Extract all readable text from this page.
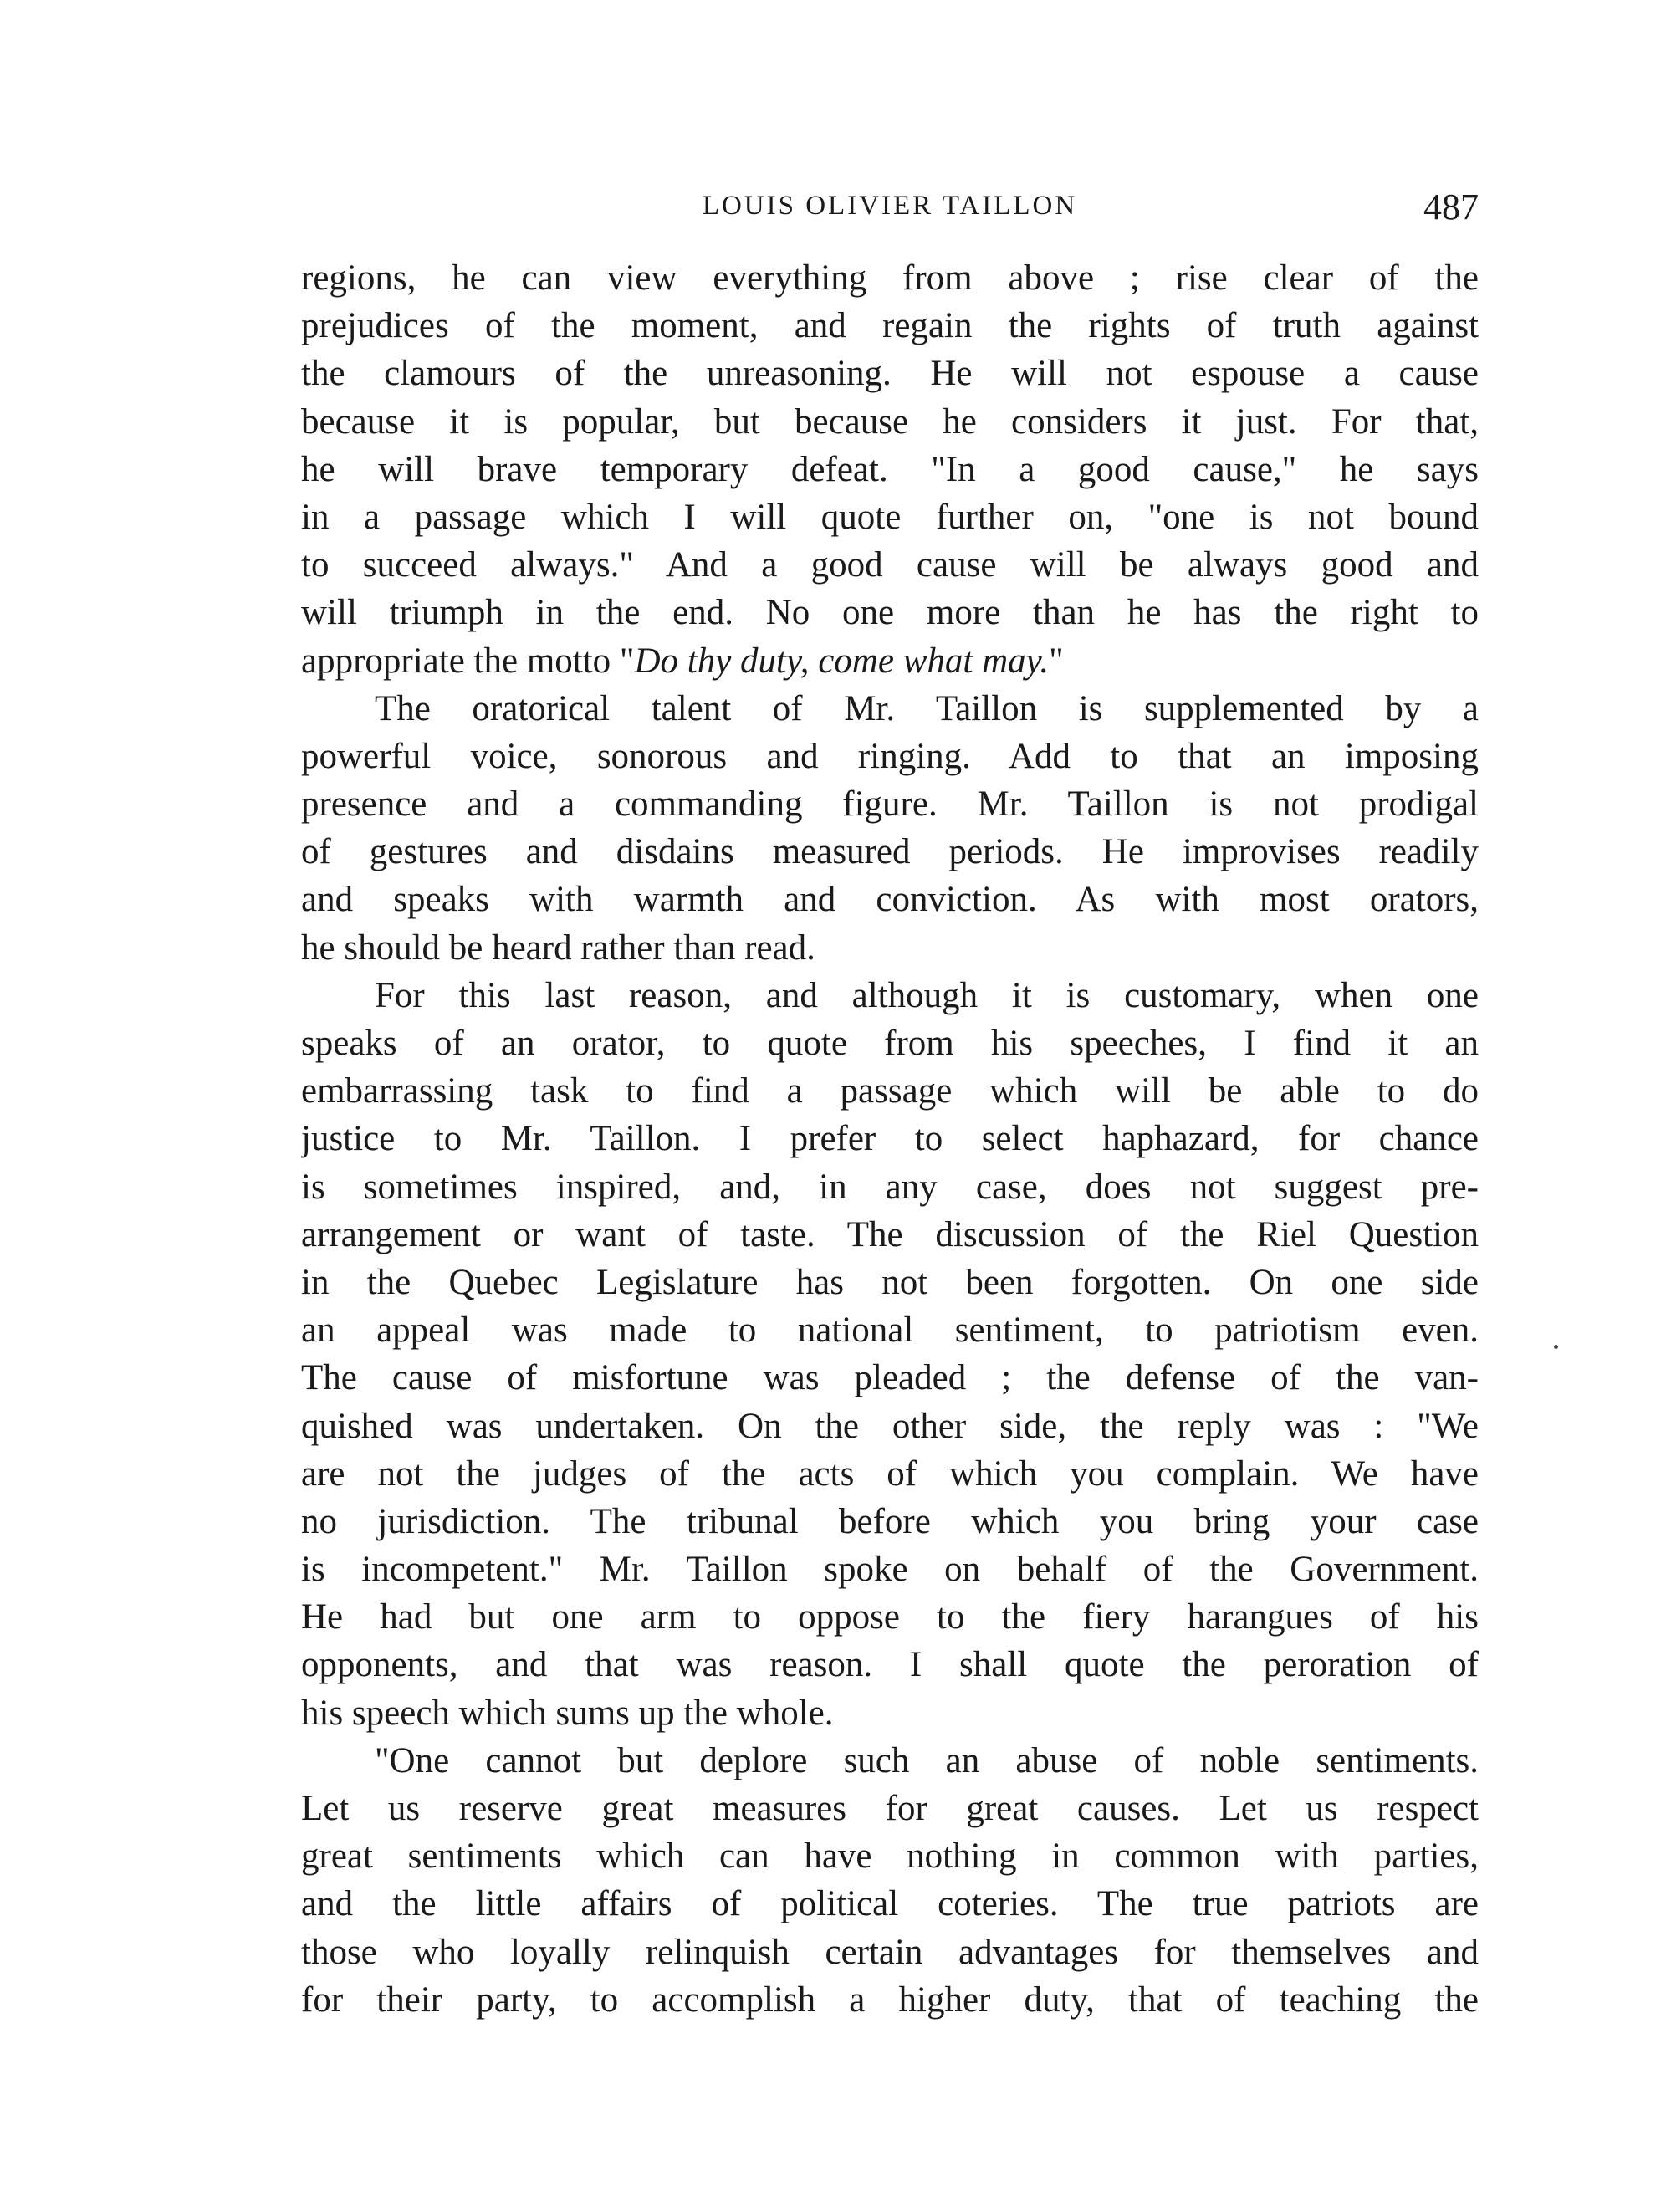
LOUIS OLIVIER TAILLON	487
regions, he can view everything from above ; rise clear of the
prejudices of the moment, and regain the rights of truth against
the clamours of the unreasoning. He will not espouse a cause
because it is popular, but because he considers it just. For that,
he will brave temporary defeat. "In a good cause," he says
in a passage which I will quote further on, "one is not bound
to succeed always." And a good cause will be always good and
will triumph in the end. No one more than he has the right to
appropriate the motto "Do thy duty, come what may."
The oratorical talent of Mr. Taillon is supplemented by a
powerful voice, sonorous and ringing. Add to that an imposing
presence and a commanding figure. Mr. Taillon is not prodigal
of gestures and disdains measured periods. He improvises readily
and speaks with warmth and conviction. As with most orators,
he should be heard rather than read.
For this last reason, and although it is customary, when one
speaks of an orator, to quote from his speeches, I find it an
embarrassing task to find a passage which will be able to do
justice to Mr. Taillon. I prefer to select haphazard, for chance
is sometimes inspired, and, in any case, does not suggest pre-
arrangement or want of taste. The discussion of the Riel Question
in the Quebec Legislature has not been forgotten. On one side
an appeal was made to national sentiment, to patriotism even.
The cause of misfortune was pleaded ; the defense of the van-
quished was undertaken. On the other side, the reply was : "We
are not the judges of the acts of which you complain. We have
no jurisdiction. The tribunal before which you bring your case
is incompetent." Mr. Taillon spoke on behalf of the Government.
He had but one arm to oppose to the fiery harangues of his
opponents, and that was reason. I shall quote the peroration of
his speech which sums up the whole.
"One cannot but deplore such an abuse of noble sentiments.
Let us reserve great measures for great causes. Let us respect
great sentiments which can have nothing in common with parties,
and the little affairs of political coteries. The true patriots are
those who loyally relinquish certain advantages for themselves and
for their party, to accomplish a higher duty, that of teaching the
